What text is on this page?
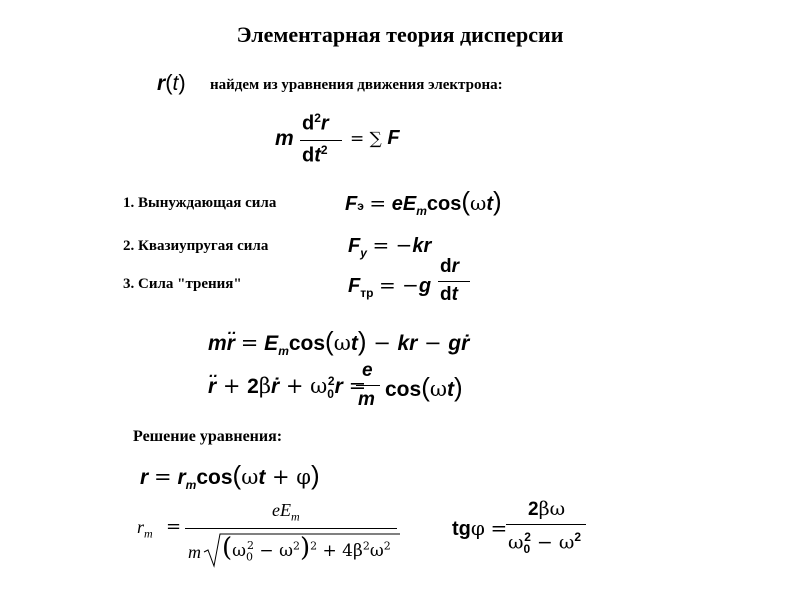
Элементарная теория дисперсии
r(t) найдем из уравнения движения электрона:
m
$d^2r$
$dt^2$
= ∑ F
1. Вынуждающая сила	Fэ = $eE_m\cos(\omega t)$
2. Квазиупругая сила	$F_y = -kr$
3. Сила "трения"	$F_{тр} = -g$
dr
dt
mr̈ = $E_m\cos(\omega t)$ − kr − gṙ
r̈ + 2βṙ + $\omega_0^2r$ =
e
m cos(ωt)
Решение уравнения:
$r = r_m\cos(\omega t + \varphi)$
$r_m$ =
$eE_m$
m $(\omega_0^2 - \omega^2)^2 + 4\beta^2\omega^2$
tgφ =
2βω
$\omega_0^2 - \omega^2$
